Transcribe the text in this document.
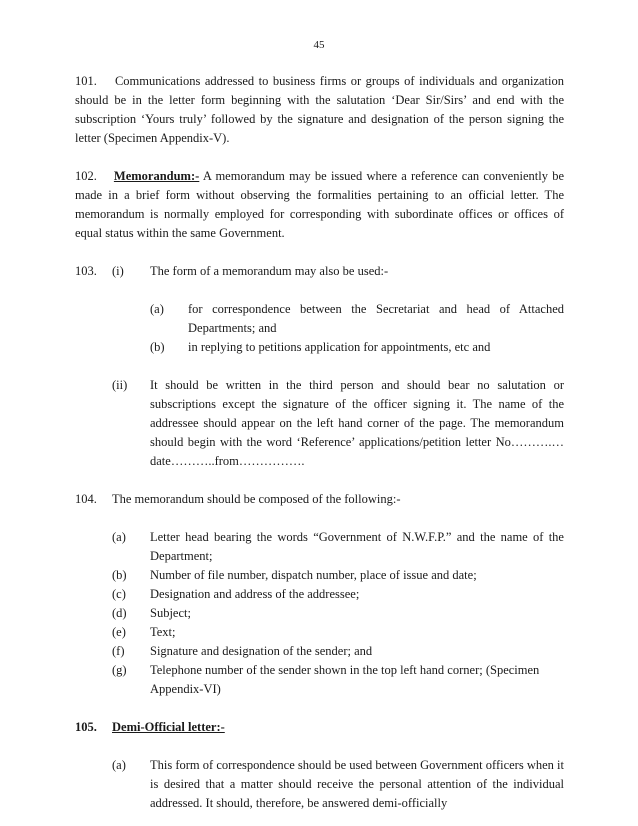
45

101. Communications addressed to business firms or groups of individuals and organization should be in the letter form beginning with the salutation ‘Dear Sir/Sirs’ and end with the subscription ‘Yours truly’ followed by the signature and designation of the person signing the letter (Specimen Appendix-V).

102. Memorandum:- A memorandum may be issued where a reference can conveniently be made in a brief form without observing the formalities pertaining to an official letter. The memorandum is normally employed for corresponding with subordinate offices or offices of equal status within the same Government.

103.	(i)	The form of a memorandum may also be used:-
(a)	for correspondence between the Secretariat and head of Attached Departments; and
(b)	in replying to petitions application for appointments, etc and
(ii)	It should be written in the third person and should bear no salutation or subscriptions except the signature of the officer signing it. The name of the addressee should appear on the left hand corner of the page. The memorandum should begin with the word ‘Reference’ applications/petition letter No……….…date………..from…………….
104.	The memorandum should be composed of the following:-
(a)	Letter head bearing the words “Government of N.W.F.P.” and the name of the Department;
(b)	Number of file number, dispatch number, place of issue and date;
(c)	Designation and address of the addressee;
(d)	Subject;
(e)	Text;
(f)	Signature and designation of the sender; and
(g)	Telephone number of the sender shown in the top left hand corner; (Specimen Appendix-VI)
105.	Demi-Official letter:-
(a)	This form of correspondence should be used between Government officers when it is desired that a matter should receive the personal attention of the individual addressed. It should, therefore, be answered demi-officially
